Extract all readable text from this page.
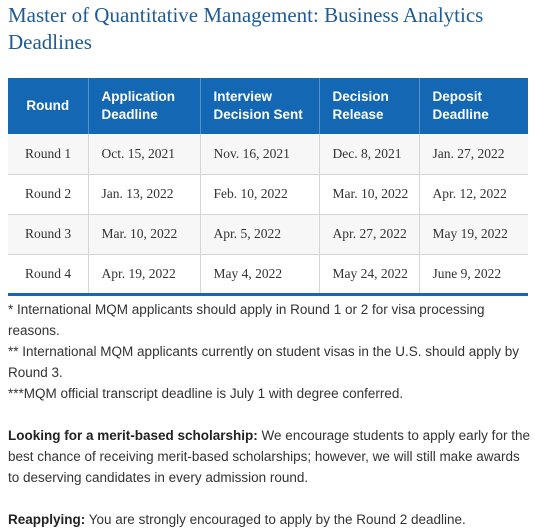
Master of Quantitative Management: Business Analytics Deadlines
Round	Application Deadline	Interview Decision Sent	Decision Release	Deposit Deadline
Round 1	Oct. 15, 2021	Nov. 16, 2021	Dec. 8, 2021	Jan. 27, 2022
Round 2	Jan. 13, 2022	Feb. 10, 2022	Mar. 10, 2022	Apr. 12, 2022
Round 3	Mar. 10, 2022	Apr. 5, 2022	Apr. 27, 2022	May 19, 2022
Round 4	Apr. 19, 2022	May 4, 2022	May 24, 2022	June 9, 2022

* International MQM applicants should apply in Round 1 or 2 for visa processing reasons.

** International MQM applicants currently on student visas in the U.S. should apply by Round 3.

***MQM official transcript deadline is July 1 with degree conferred.

Looking for a merit-based scholarship: We encourage students to apply early for the best chance of receiving merit-based scholarships; however, we will still make awards to deserving candidates in every admission round.

Reapplying: You are strongly encouraged to apply by the Round 2 deadline.
